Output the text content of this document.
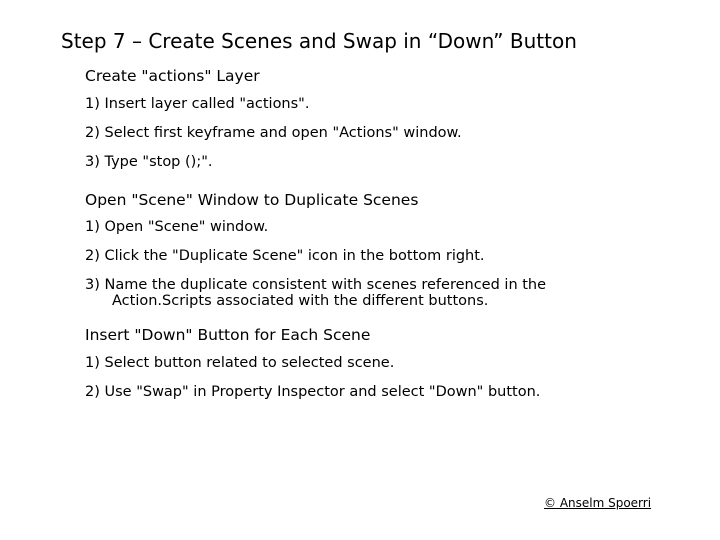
Step 7 – Create Scenes and Swap in “Down” Button

Create "actions" Layer

1) Insert layer called "actions".

2) Select first keyframe and open "Actions" window.

3) Type "stop ();".

Open "Scene" Window to Duplicate Scenes

1) Open "Scene" window.

2) Click the "Duplicate Scene" icon in the bottom right.

3) Name the duplicate consistent with scenes referenced in the
Action.Scripts associated with the different buttons.

Insert "Down" Button for Each Scene

1) Select button related to selected scene.

2) Use "Swap" in Property Inspector and select "Down" button.

© Anselm Spoerri
